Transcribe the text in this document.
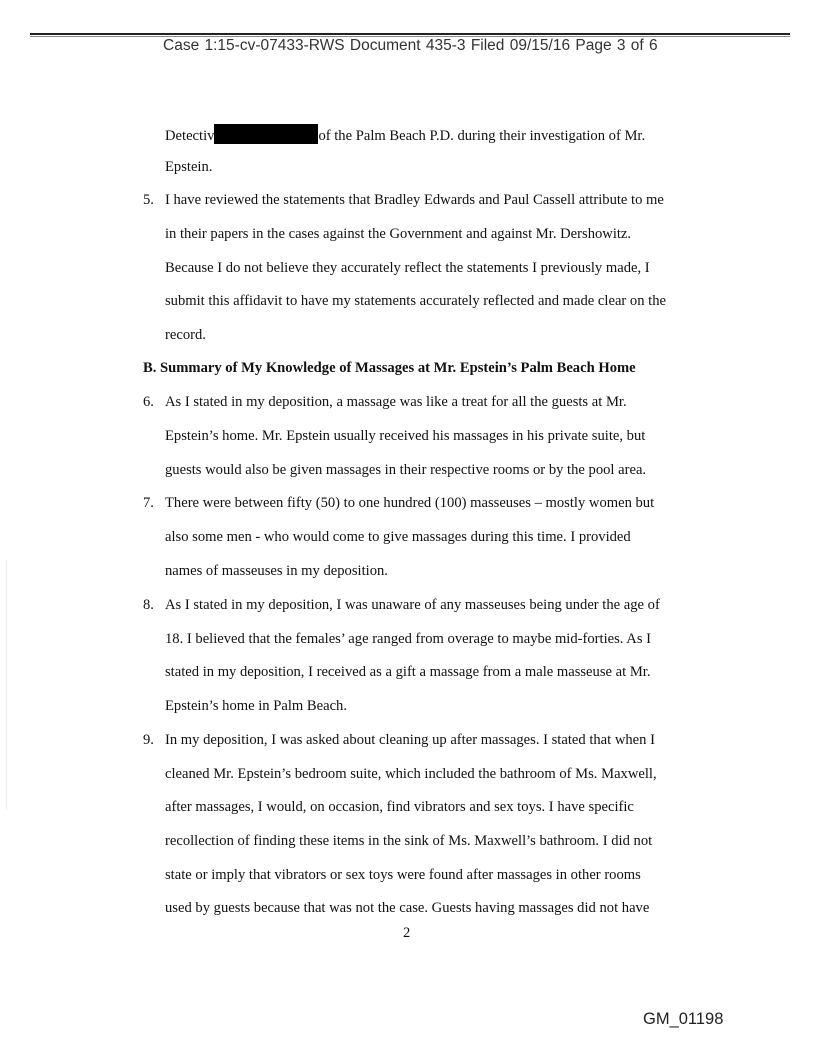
Case 1:15-cv-07433-RWS Document 435-3 Filed 09/15/16 Page 3 of 6
Detectiv	of the Palm Beach P.D. during their investigation of Mr.
Epstein.
5. I have reviewed the statements that Bradley Edwards and Paul Cassell attribute to me
in their papers in the cases against the Government and against Mr. Dershowitz.
Because I do not believe they accurately reflect the statements I previously made, I
submit this affidavit to have my statements accurately reflected and made clear on the
record.
B. Summary of My Knowledge of Massages at Mr. Epstein’s Palm Beach Home
6. As I stated in my deposition, a massage was like a treat for all the guests at Mr.
Epstein’s home. Mr. Epstein usually received his massages in his private suite, but
guests would also be given massages in their respective rooms or by the pool area.
7. There were between fifty (50) to one hundred (100) masseuses – mostly women but
also some men - who would come to give massages during this time. I provided
names of masseuses in my deposition.
8. As I stated in my deposition, I was unaware of any masseuses being under the age of
18. I believed that the females’ age ranged from overage to maybe mid-forties. As I
stated in my deposition, I received as a gift a massage from a male masseuse at Mr.
Epstein’s home in Palm Beach.
9. In my deposition, I was asked about cleaning up after massages. I stated that when I
cleaned Mr. Epstein’s bedroom suite, which included the bathroom of Ms. Maxwell,
after massages, I would, on occasion, find vibrators and sex toys. I have specific
recollection of finding these items in the sink of Ms. Maxwell’s bathroom. I did not
state or imply that vibrators or sex toys were found after massages in other rooms
used by guests because that was not the case. Guests having massages did not have
2
GM_01198
